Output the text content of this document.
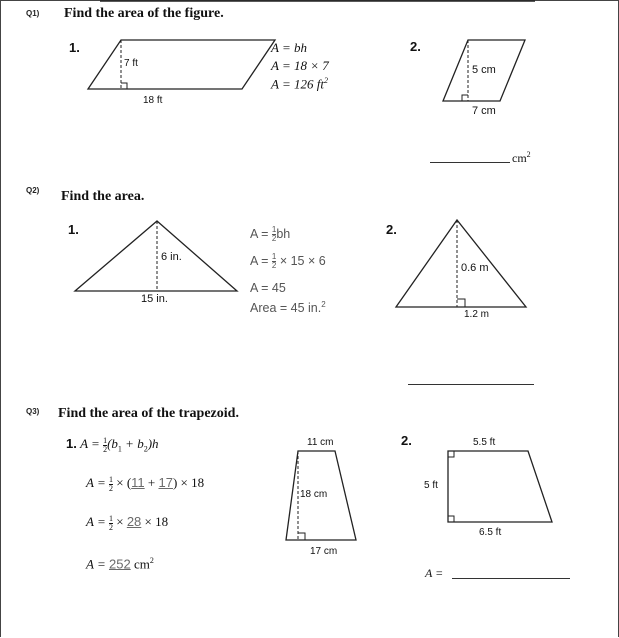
Q1) Find the area of the figure.
1.
7 ft
18 ft
A = bh
A = 18 × 7
A = 126 $ft^2$
2.
5 cm
7 cm
$cm^2$
Q2) Find the area.
1.
6 in.
15 in.
$A = \frac{1}{2}$ bh
$A = \frac{1}{2} \times 15 \times 6$
A = 45
Area = 45 in.$^2$
2.
0.6 m
1.2 m
Q3) Find the area of the trapezoid.
1. $A = \frac{1}{2} (b_1 + b_2)h$
$A = \frac{1}{2} \times (11 + 17) \times 18$
$A = \frac{1}{2} \times 28 \times 18$
A = 252 $cm^2$
11 cm
18 cm
17 cm
2.	5.5 ft
5 ft
6.5 ft
A =
